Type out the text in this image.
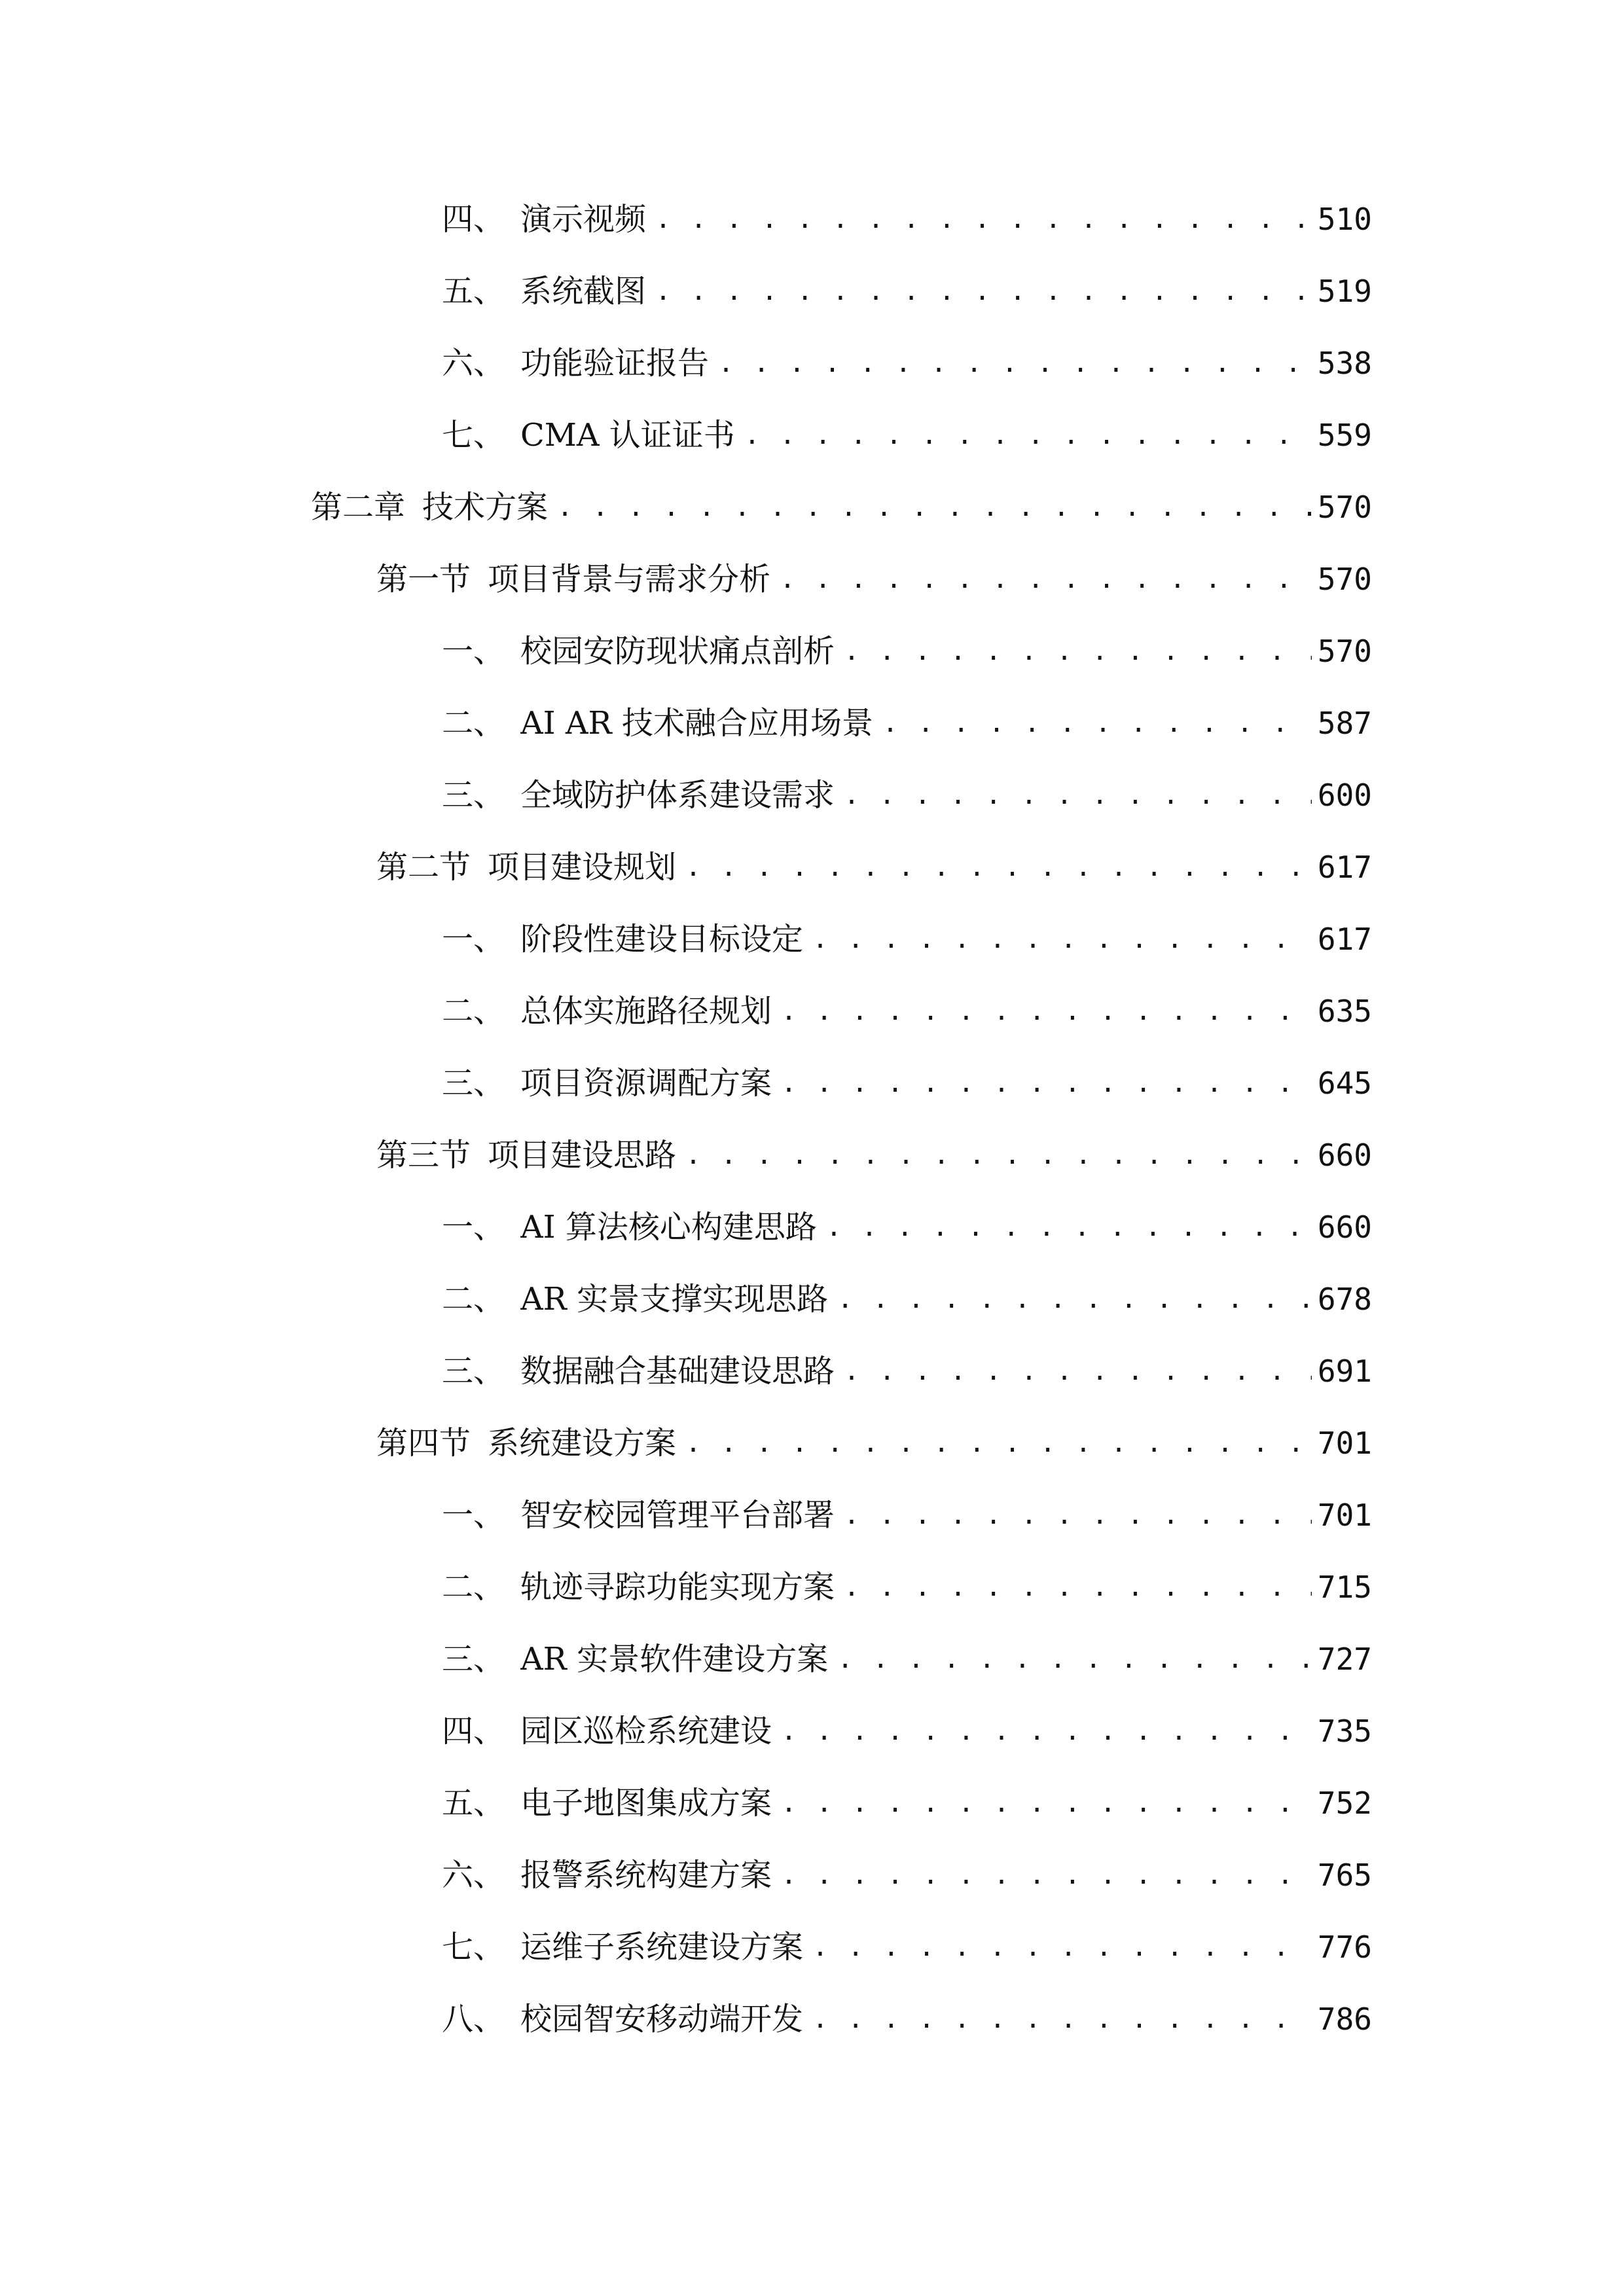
四、 演示视频 . . .	510
五、 系统截图 . . .	519
六、 功能验证报告 . . .	538
七、 CMA 认证证书 . . .	559
第二章 技术方案 . . .	570
第一节 项目背景与需求分析 . . .	570
一、 校园安防现状痛点剖析 . . .	570
二、 AI AR 技术融合应用场景 . . .	587
三、 全域防护体系建设需求 . . .	600
第二节 项目建设规划 . . .	617
一、 阶段性建设目标设定 . . .	617
二、 总体实施路径规划 . . .	635
三、 项目资源调配方案 . . .	645
第三节 项目建设思路 . . .	660
一、 AI 算法核心构建思路 . . .	660
二、 AR 实景支撑实现思路 . . .	678
三、 数据融合基础建设思路 . . .	691
第四节 系统建设方案 . . .	701
一、 智安校园管理平台部署 . . .	701
二、 轨迹寻踪功能实现方案 . . .	715
三、 AR 实景软件建设方案 . . .	727
四、 园区巡检系统建设 . . .	735
五、 电子地图集成方案 . . .	752
六、 报警系统构建方案 . . .	765
七、 运维子系统建设方案 . . .	776
八、 校园智安移动端开发 . . .	786
